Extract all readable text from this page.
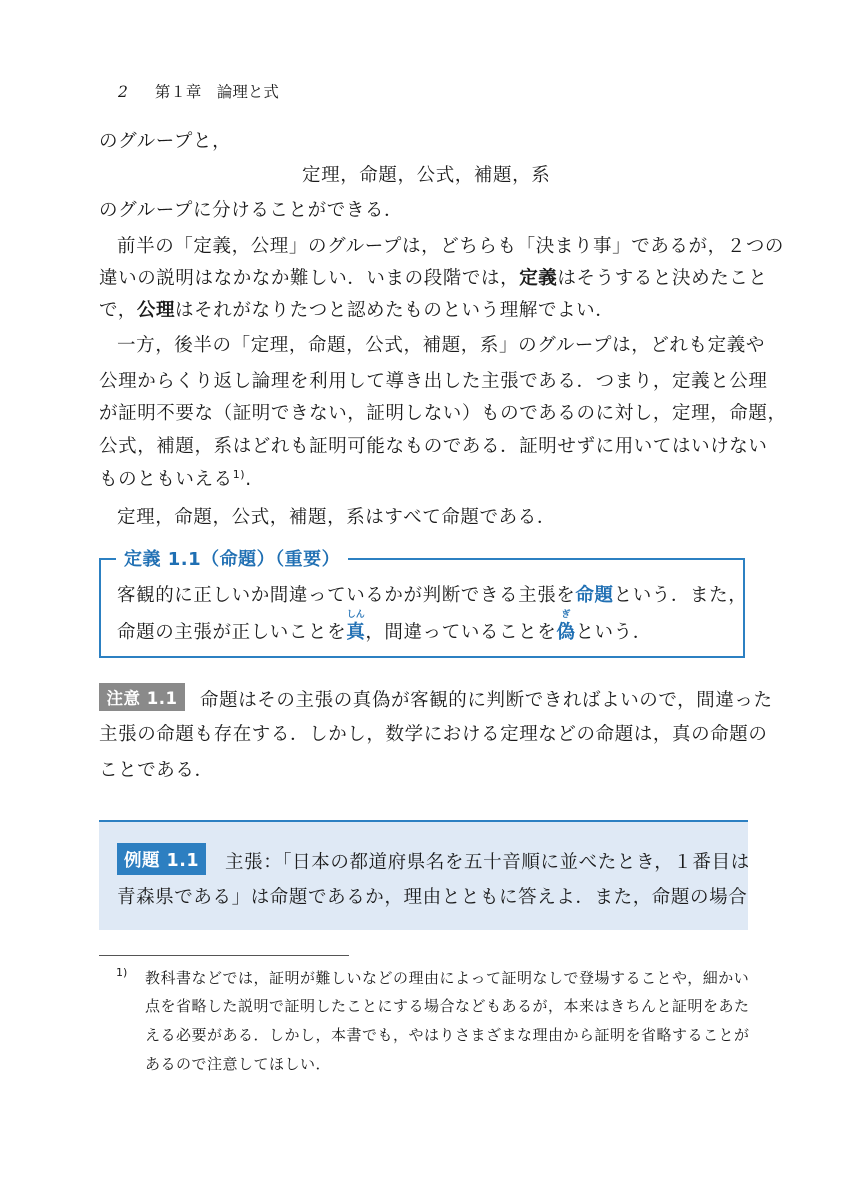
2 第１章　論理と式
のグループと，
定理，命題，公式，補題，系
のグループに分けることができる．
前半の「定義，公理」のグループは，どちらも「決まり事」であるが，２つの
違いの説明はなかなか難しい．いまの段階では，定義はそうすると決めたこと
で，公理はそれがなりたつと認めたものという理解でよい．
一方，後半の「定理，命題，公式，補題，系」のグループは，どれも定義や
公理からくり返し論理を利用して導き出した主張である．つまり，定義と公理
が証明不要な（証明できない，証明しない）ものであるのに対し，定理，命題，
公式，補題，系はどれも証明可能なものである．証明せずに用いてはいけない
ものともいえる$^{1)}$.
定理，命題，公式，補題，系はすべて命題である．
定義 1.1（命題）（重要）
客観的に正しいか間違っているかが判断できる主張を命題という．また，
命題の主張が正しいことを
しん
真，間違っていることを
ぎ
偽という．
注意 1.1	命題はその主張の真偽が客観的に判断できればよいので，間違った
主張の命題も存在する．しかし，数学における定理などの命題は，真の命題の
ことである．
例題 1.1	主張：「日本の都道府県名を五十音順に並べたとき，１番目は
青森県である」は命題であるか，理由とともに答えよ．また，命題の場合
1) 教科書などでは，証明が難しいなどの理由によって証明なしで登場することや，細かい
点を省略した説明で証明したことにする場合などもあるが，本来はきちんと証明をあた
える必要がある．しかし，本書でも，やはりさまざまな理由から証明を省略することが
あるので注意してほしい．
